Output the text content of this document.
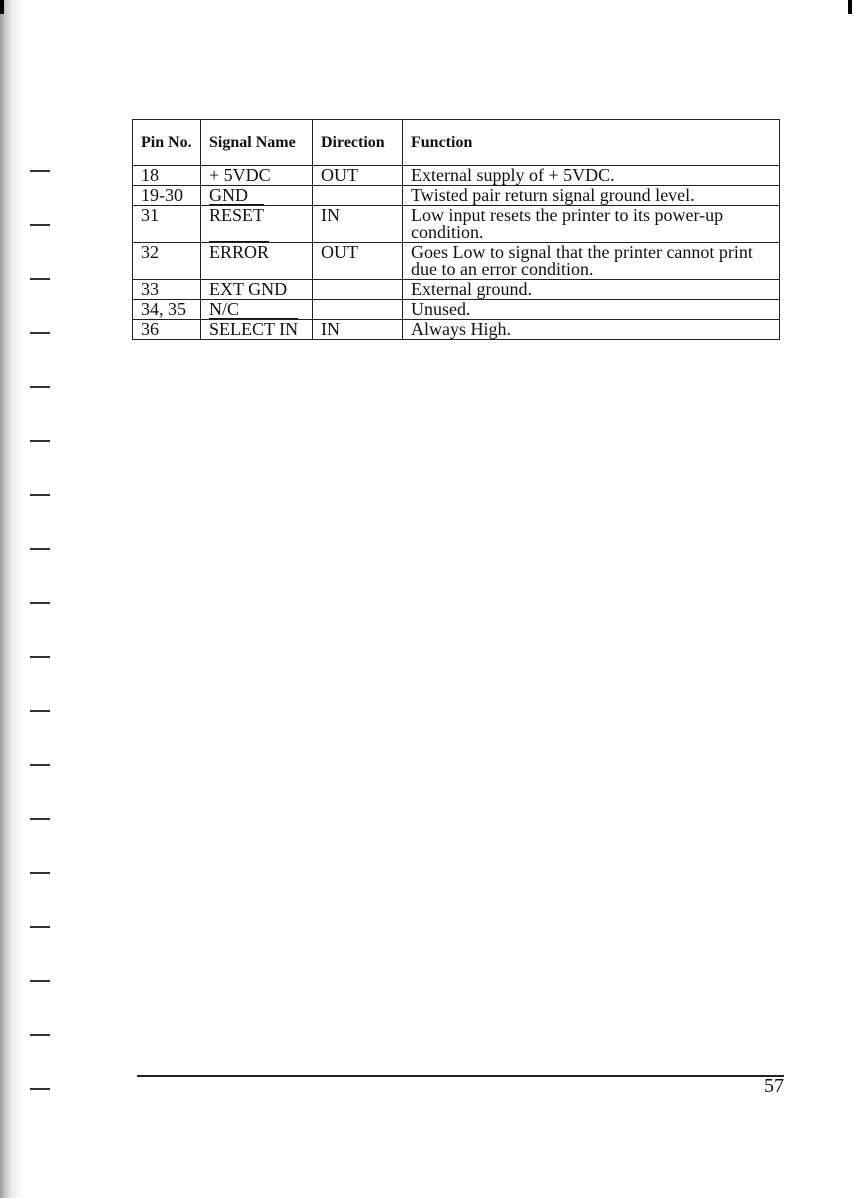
Pin No.	Signal Name	Direction	Function
18	+ 5VDC	OUT	External supply of + 5VDC.
19-30	GND		Twisted pair return signal ground level.
31	RESET	IN	Low input resets the printer to its power-up condition.
32	ERROR	OUT	Goes Low to signal that the printer cannot print due to an error condition.
33	EXT GND		External ground.
34, 35	N/C		Unused.
36	SELECT IN	IN	Always High.
57
